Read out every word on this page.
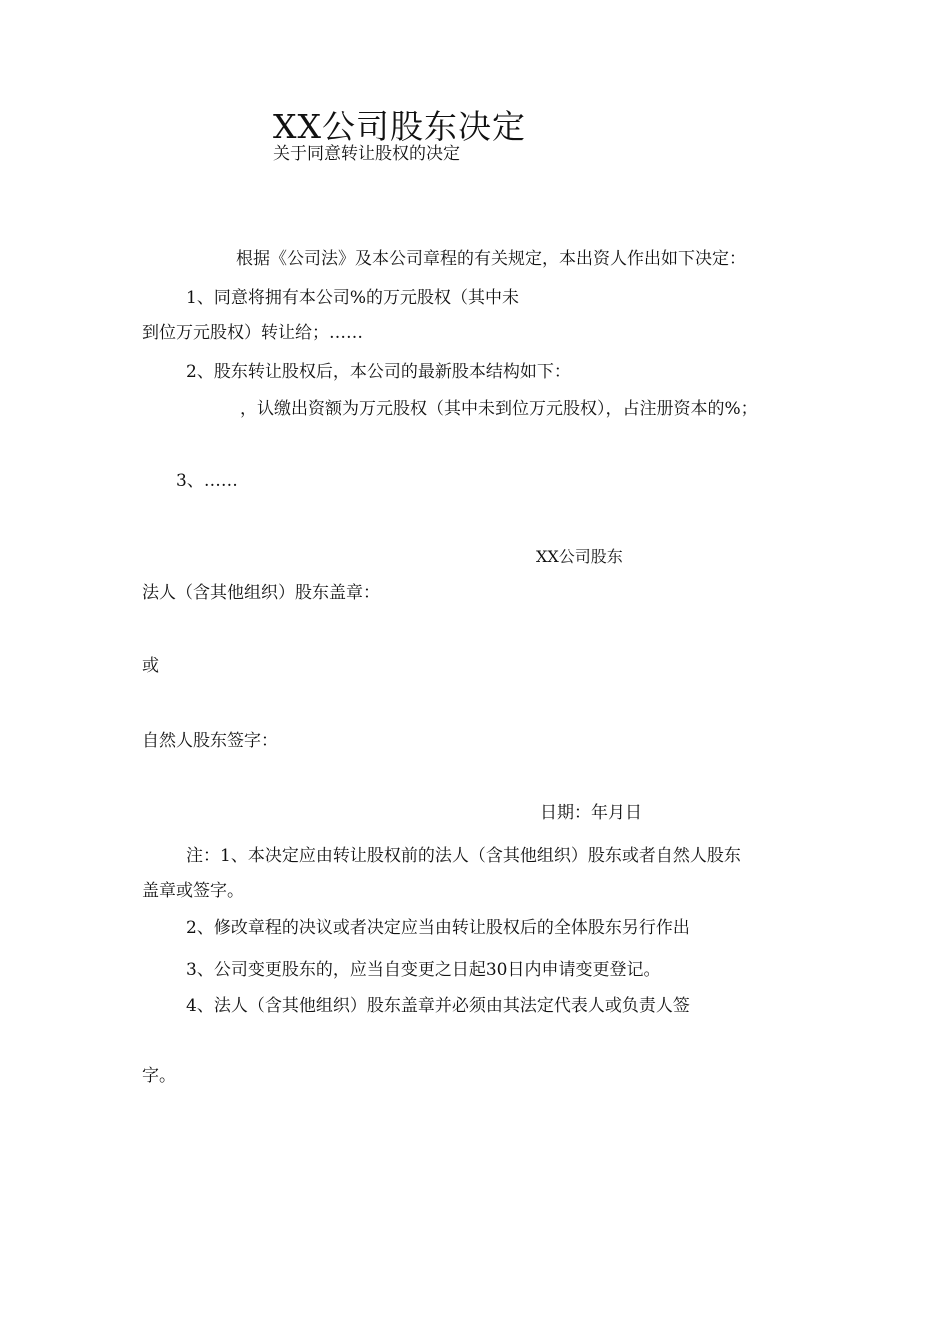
XX公司股东决定
关于同意转让股权的决定
根据《公司法》及本公司章程的有关规定，本出资人作出如下决定：
1、同意将拥有本公司%的万元股权（其中未
到位万元股权）转让给；……
2、股东转让股权后，本公司的最新股本结构如下：
，认缴出资额为万元股权（其中未到位万元股权），占注册资本的%；
3、……
XX公司股东
法人（含其他组织）股东盖章：
或
自然人股东签字：
日期：年月日
注：1、本决定应由转让股权前的法人（含其他组织）股东或者自然人股东
盖章或签字。
2、修改章程的决议或者决定应当由转让股权后的全体股东另行作出
3、公司变更股东的，应当自变更之日起30日内申请变更登记。
4、法人（含其他组织）股东盖章并必须由其法定代表人或负责人签
字。
